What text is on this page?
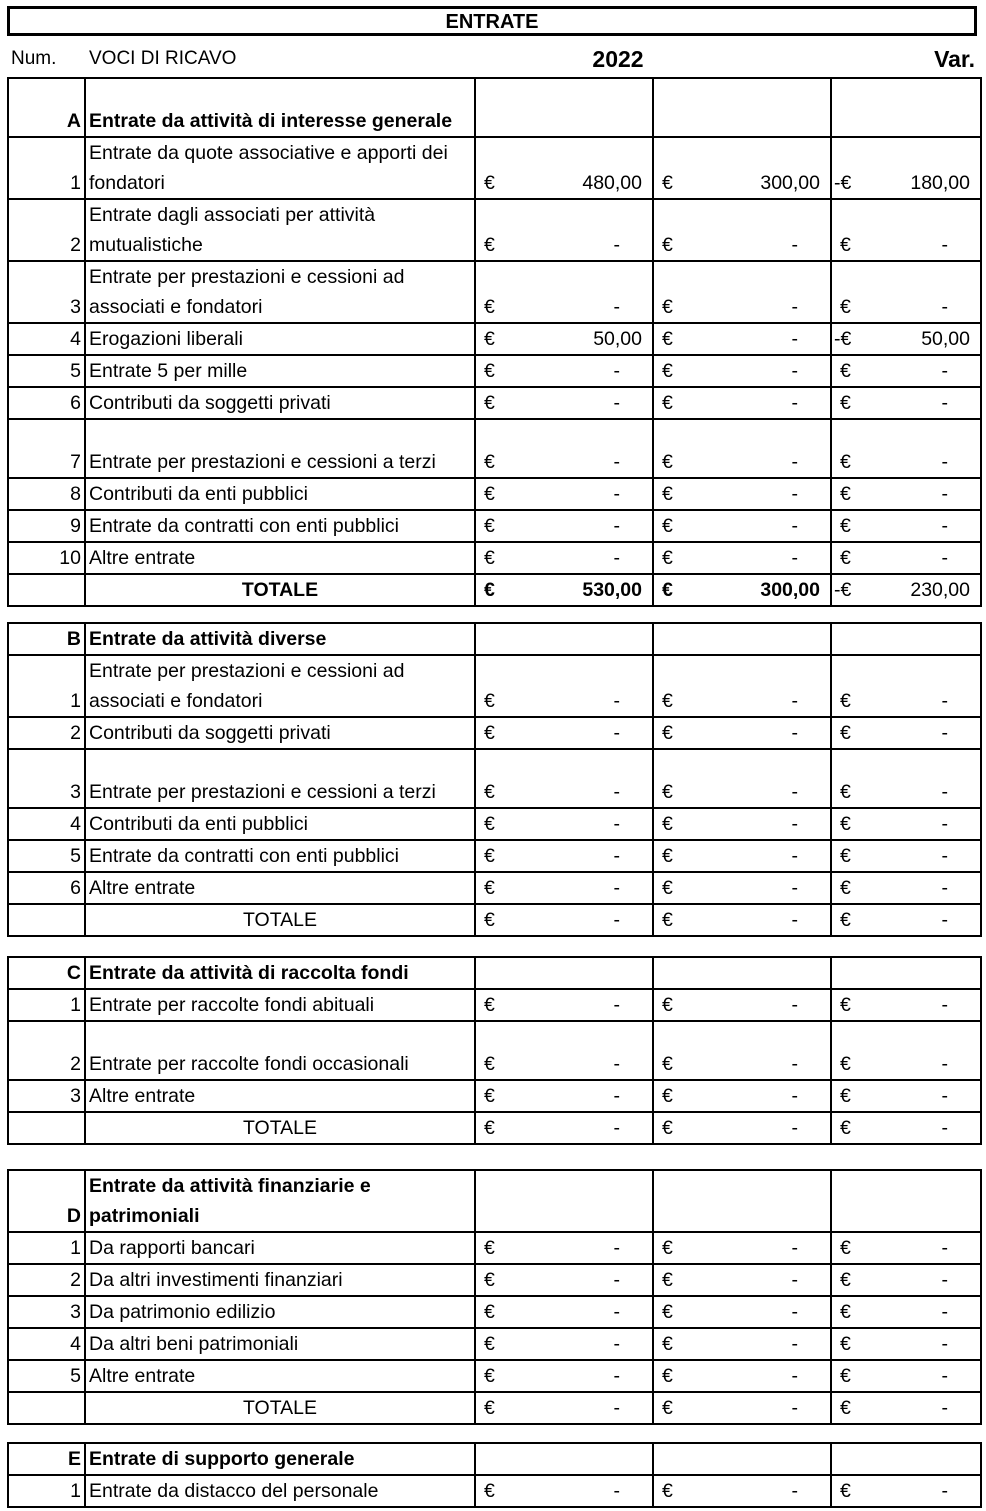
ENTRATE
Num. VOCI DI RICAVO	2022	Var.
A	Entrate da attività di interesse generale			
1	Entrate da quote associative e apporti dei fondatori	€ 480,00	€ 300,00	-€ 180,00

2	Entrate dagli associati per attività mutualistiche	€ -	€ -	€ -

3	Entrate per prestazioni e cessioni ad associati e fondatori	€ -	€ -	€ -

4	Erogazioni liberali	€ 50,00	€ -	-€ 50,00

5	Entrate 5 per mille	€ -	€ -	€ -

6	Contributi da soggetti privati	€ -	€ -	€ -

7	Entrate per prestazioni e cessioni a terzi	€ -	€ -	€ -

8	Contributi da enti pubblici	€ -	€ -	€ -

9	Entrate da contratti con enti pubblici	€ -	€ -	€ -

10	Altre entrate	€ -	€ -	€ -

	TOTALE	€ 530,00	€ 300,00	-€ 230,00
B	Entrate da attività diverse			
1	Entrate per prestazioni e cessioni ad associati e fondatori	€ -	€ -	€ -

2	Contributi da soggetti privati	€ -	€ -	€ -

3	Entrate per prestazioni e cessioni a terzi	€ -	€ -	€ -

4	Contributi da enti pubblici	€ -	€ -	€ -

5	Entrate da contratti con enti pubblici	€ -	€ -	€ -

6	Altre entrate	€ -	€ -	€ -

	TOTALE	€ -	€ -	€ -
C	Entrate da attività di raccolta fondi			
1	Entrate per raccolte fondi abituali	€ -	€ -	€ -

2	Entrate per raccolte fondi occasionali	€ -	€ -	€ -

3	Altre entrate	€ -	€ -	€ -

	TOTALE	€ -	€ -	€ -
D	Entrate da attività finanziarie e patrimoniali			
1	Da rapporti bancari	€ -	€ -	€ -

2	Da altri investimenti finanziari	€ -	€ -	€ -

3	Da patrimonio edilizio	€ -	€ -	€ -

4	Da altri beni patrimoniali	€ -	€ -	€ -

5	Altre entrate	€ -	€ -	€ -

	TOTALE	€ -	€ -	€ -
E	Entrate di supporto generale			
1	Entrate da distacco del personale	€ -	€ -	€ -
